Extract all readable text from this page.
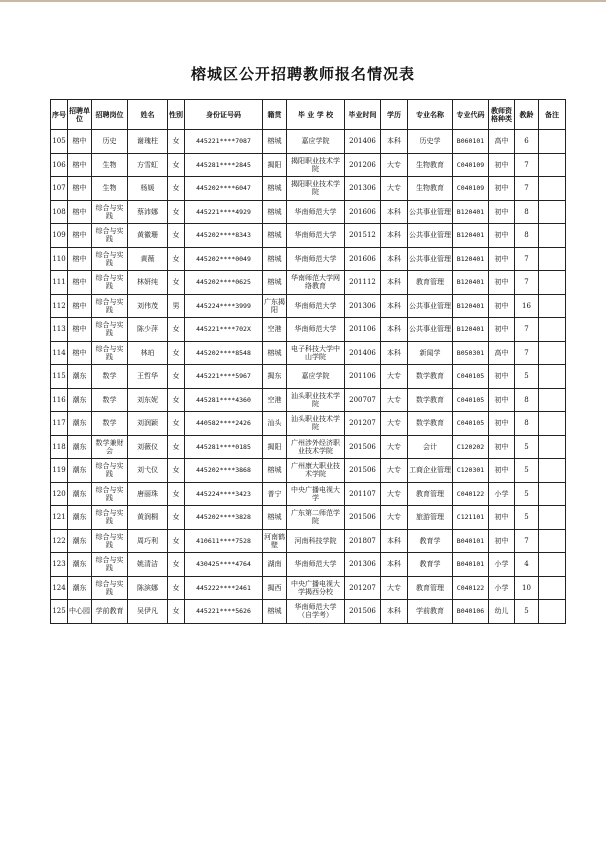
榕城区公开招聘教师报名情况表
序号	招聘单位	招聘岗位	姓名	性别	身份证号码	籍贯	毕 业 学 校	毕业时间	学历	专业名称	专业代码	教师资格种类	教龄	备注
105	榕中	历史	谢瑰柱	女	445221****7087	榕城	嘉应学院	201406	本科	历史学	B060101	高中	6	
106	榕中	生物	方雪虹	女	445281****2845	揭阳	揭阳职业技术学院	201206	大专	生物教育	C040109	初中	7	
107	榕中	生物	杨媛	女	445202****6047	榕城	揭阳职业技术学院	201306	大专	生物教育	C040109	初中	7	
108	榕中	综合与实践	蔡沛娜	女	445221****4929	榕城	华南师范大学	201606	本科	公共事业管理	B120401	初中	8	
109	榕中	综合与实践	黄徽珊	女	445202****8343	榕城	华南师范大学	201512	本科	公共事业管理	B120401	初中	8	
110	榕中	综合与实践	黄薇	女	445202****0049	榕城	华南师范大学	201606	本科	公共事业管理	B120401	初中	7	
111	榕中	综合与实践	林妍纯	女	445202****0625	榕城	华南师范大学网络教育	201112	本科	教育管理	B120401	初中	7	
112	榕中	综合与实践	刘伟茂	男	445224****3999	广东揭阳	华南师范大学	201306	本科	公共事业管理	B120401	初中	16	
113	榕中	综合与实践	陈少萍	女	445221****702X	空港	华南师范大学	201106	本科	公共事业管理	B120401	初中	7	
114	榕中	综合与实践	林珀	女	445202****8548	榕城	电子科技大学中山学院	201406	本科	新闻学	B050301	高中	7	
115	潮东	数学	王哲华	女	445221****5967	揭东	嘉应学院	201106	大专	数学教育	C040105	初中	5	
116	潮东	数学	刘东妮	女	445281****4360	空港	汕头职业技术学院	200707	大专	数学教育	C040105	初中	8	
117	潮东	数学	刘润颖	女	440582****2426	汕头	汕头职业技术学院	201207	大专	数学教育	C040105	初中	8	
118	潮东	数学兼财会	刘薇仪	女	445281****0185	揭阳	广州涉外经济职业技术学院	201506	大专	会计	C120202	初中	5	
119	潮东	综合与实践	刘弋仪	女	445202****3868	榕城	广州康大职业技术学院	201506	大专	工商企业管理	C120301	初中	5	
120	潮东	综合与实践	唐丽珠	女	445224****3423	普宁	中央广播电视大学	201107	大专	教育管理	C040122	小学	5	
121	潮东	综合与实践	黄润桐	女	445202****3828	榕城	广东第二师范学院	201506	大专	旅游管理	C121101	初中	5	
122	潮东	综合与实践	周巧利	女	410611****7528	河南鹤壁	河南科技学院	201807	本科	教育学	B040101	初中	7	
123	潮东	综合与实践	姚清洁	女	430425****4764	湖南	华南师范大学	201306	本科	教育学	B040101	小学	4	
124	潮东	综合与实践	陈滨娜	女	445222****2461	揭西	中央广播电视大学揭西分校	201207	大专	教育管理	C040122	小学	10	
125	中心园	学前教育	吴伊凡	女	445221****5626	榕城	华南师范大学（自学考）	201506	本科	学前教育	B040106	幼儿	5	
